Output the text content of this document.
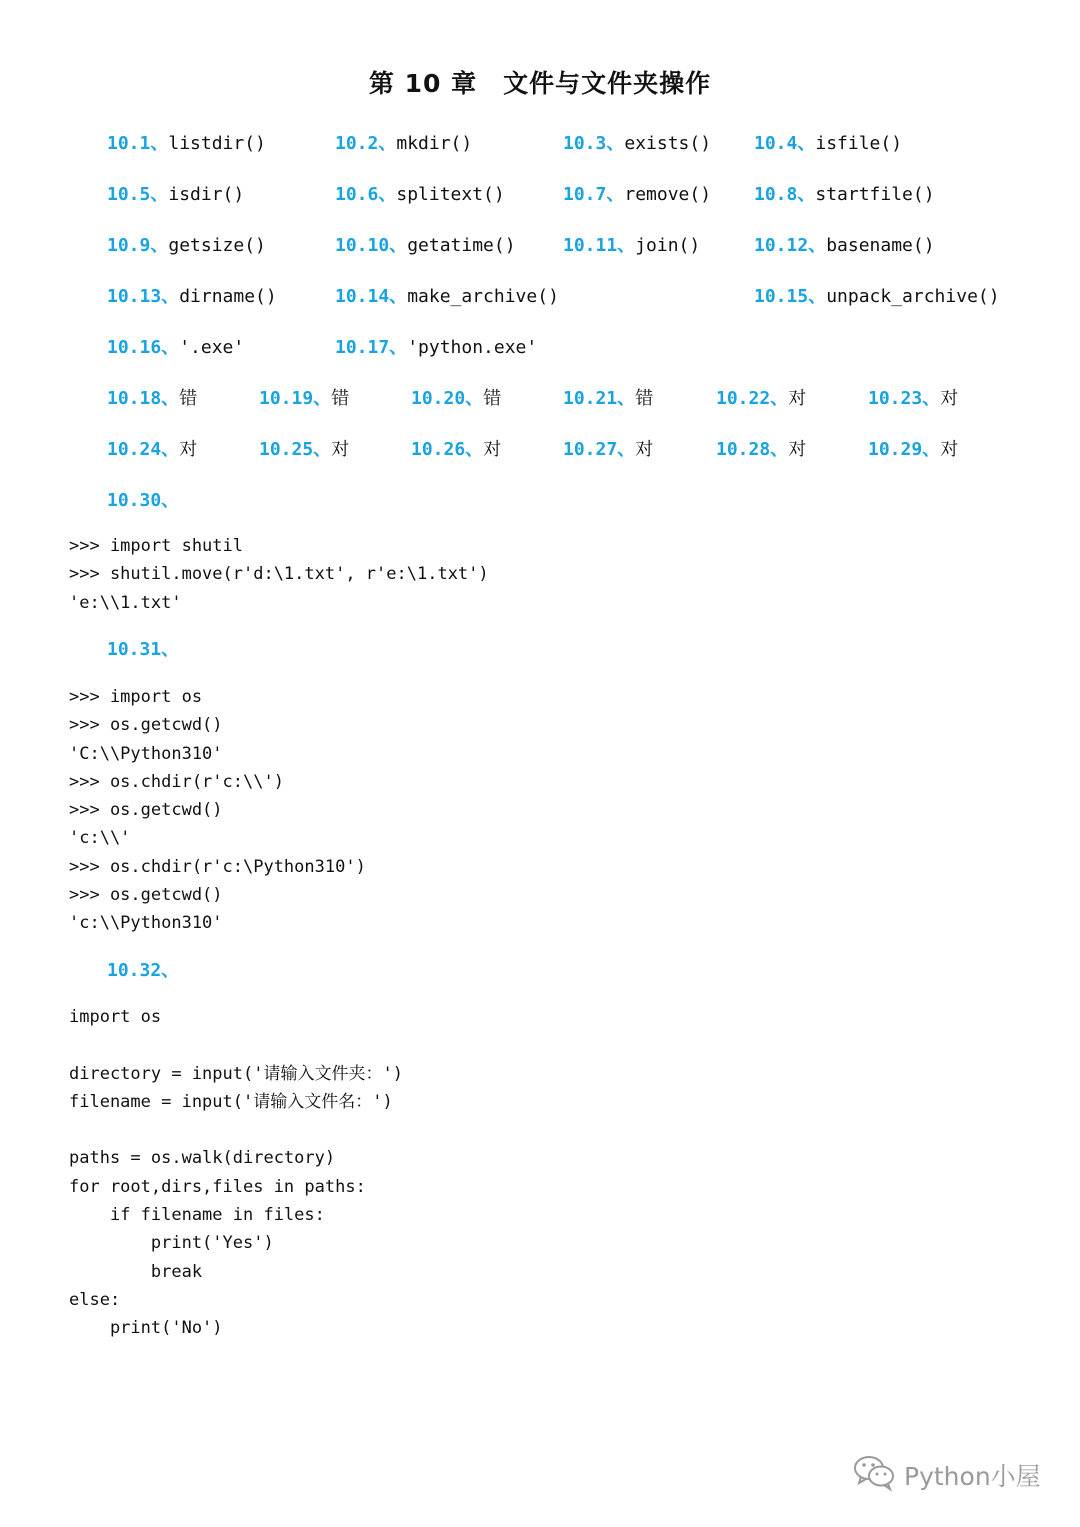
第 10 章 文件与文件夹操作
10.1、listdir()	10.2、mkdir()	10.3、exists() 10.4、isfile()
10.5、isdir()	10.6、splitext()	10.7、remove() 10.8、startfile()
10.9、getsize()	10.10、getatime()	10.11、join()	10.12、basename()
10.13、dirname()	10.14、make_archive()	10.15、unpack_archive()
10.16、'.exe'	10.17、'python.exe'
10.18、错	10.19、错	10.20、错	10.21、错	10.22、对	10.23、对
10.24、对	10.25、对	10.26、对	10.27、对	10.28、对	10.29、对
10.30、
>>> import shutil
>>> shutil.move(r'd:\1.txt', r'e:\1.txt')
'e:\\1.txt'
10.31、
>>> import os
>>> os.getcwd()
'C:\\Python310'
>>> os.chdir(r'c:\\')
>>> os.getcwd()
'c:\\'
>>> os.chdir(r'c:\Python310')
>>> os.getcwd()
'c:\\Python310'
10.32、
import os
directory = input('请输入文件夹：')
filename = input('请输入文件名：')
paths = os.walk(directory)
for root,dirs,files in paths:
if filename in files:
print('Yes')
break
else:
print('No')
Python小屋
